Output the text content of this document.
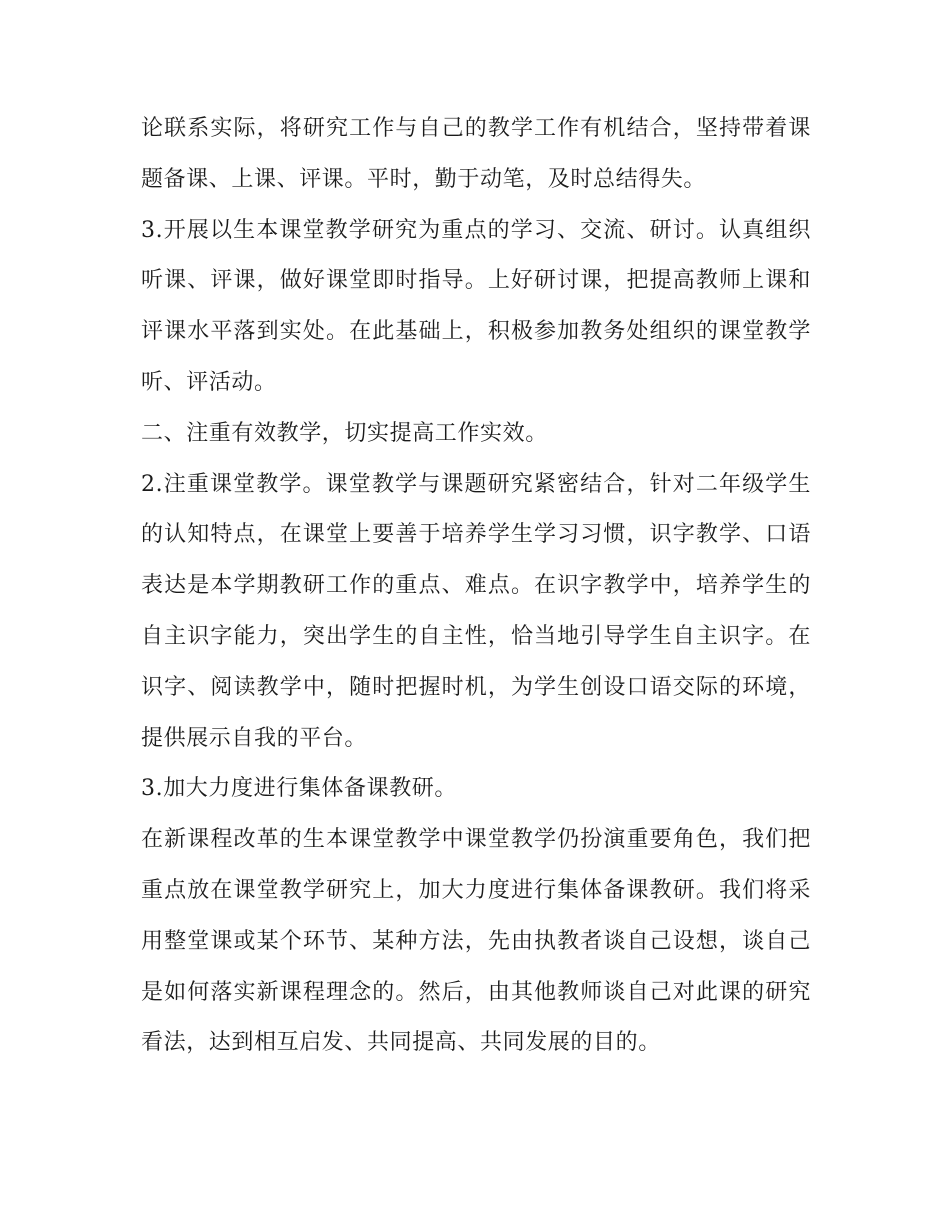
论联系实际，将研究工作与自己的教学工作有机结合，坚持带着课题备课、上课、评课。平时，勤于动笔，及时总结得失。

3.开展以生本课堂教学研究为重点的学习、交流、研讨。认真组织听课、评课，做好课堂即时指导。上好研讨课，把提高教师上课和评课水平落到实处。在此基础上，积极参加教务处组织的课堂教学听、评活动。

二、注重有效教学，切实提高工作实效。

2.注重课堂教学。课堂教学与课题研究紧密结合，针对二年级学生的认知特点，在课堂上要善于培养学生学习习惯，识字教学、口语表达是本学期教研工作的重点、难点。在识字教学中，培养学生的自主识字能力，突出学生的自主性，恰当地引导学生自主识字。在识字、阅读教学中，随时把握时机，为学生创设口语交际的环境，提供展示自我的平台。

3.加大力度进行集体备课教研。

在新课程改革的生本课堂教学中课堂教学仍扮演重要角色，我们把重点放在课堂教学研究上，加大力度进行集体备课教研。我们将采用整堂课或某个环节、某种方法，先由执教者谈自己设想，谈自己是如何落实新课程理念的。然后，由其他教师谈自己对此课的研究看法，达到相互启发、共同提高、共同发展的目的。
